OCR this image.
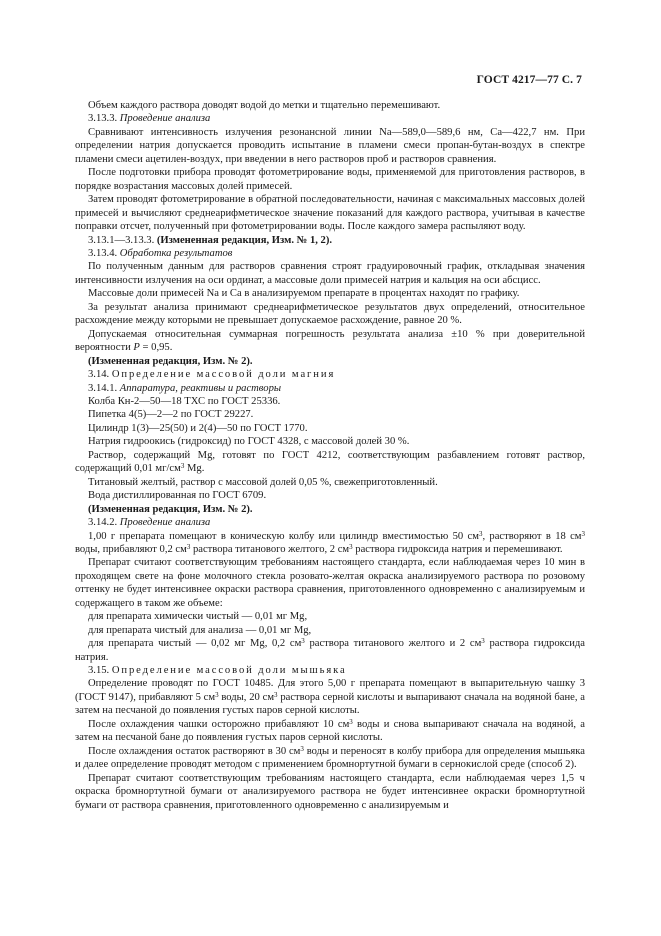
ГОСТ 4217—77 С. 7

Объем каждого раствора доводят водой до метки и тщательно перемешивают.

3.13.3. Проведение анализа

Сравнивают интенсивность излучения резонансной линии Na—589,0—589,6 нм, Са—422,7 нм. При определении натрия допускается проводить испытание в пламени смеси пропан-бутан-воздух в спектре пламени смеси ацетилен-воздух, при введении в него растворов проб и растворов сравнения.

После подготовки прибора проводят фотометрирование воды, применяемой для приготовления растворов, в порядке возрастания массовых долей примесей.

Затем проводят фотометрирование в обратной последовательности, начиная с максимальных массовых долей примесей и вычисляют среднеарифметическое значение показаний для каждого раствора, учитывая в качестве поправки отсчет, полученный при фотометрировании воды. После каждого замера распыляют воду.

3.13.1—3.13.3. (Измененная редакция, Изм. № 1, 2).

3.13.4. Обработка результатов

По полученным данным для растворов сравнения строят градуировочный график, откладывая значения интенсивности излучения на оси ординат, а массовые доли примесей натрия и кальция на оси абсцисс.

Массовые доли примесей Na и Са в анализируемом препарате в процентах находят по графику.

За результат анализа принимают среднеарифметическое результатов двух определений, относительное расхождение между которыми не превышает допускаемое расхождение, равное 20 %.

Допускаемая относительная суммарная погрешность результата анализа ±10 % при доверительной вероятности P = 0,95.

(Измененная редакция, Изм. № 2).

3.14. Определение массовой доли магния

3.14.1. Аппаратура, реактивы и растворы

Колба Кн-2—50—18 ТХС по ГОСТ 25336.

Пипетка 4(5)—2—2 по ГОСТ 29227.

Цилиндр 1(3)—25(50) и 2(4)—50 по ГОСТ 1770.

Натрия гидроокись (гидроксид) по ГОСТ 4328, с массовой долей 30 %.

Раствор, содержащий Mg, готовят по ГОСТ 4212, соответствующим разбавлением готовят раствор, содержащий 0,01 $мг/см^3$ Mg.

Титановый желтый, раствор с массовой долей 0,05 %, свежеприготовленный.

Вода дистиллированная по ГОСТ 6709.

(Измененная редакция, Изм. № 2).

3.14.2. Проведение анализа

1,00 г препарата помещают в коническую колбу или цилиндр вместимостью 50 $см^3$, растворяют в 18 $см^3$ воды, прибавляют 0,2 $см^3$ раствора титанового желтого, 2 $см^3$ раствора гидроксида натрия и перемешивают.

Препарат считают соответствующим требованиям настоящего стандарта, если наблюдаемая через 10 мин в проходящем свете на фоне молочного стекла розовато-желтая окраска анализируемого раствора по розовому оттенку не будет интенсивнее окраски раствора сравнения, приготовленного одновременно с анализируемым и содержащего в таком же объеме:

для препарата химически чистый — 0,01 мг Mg,

для препарата чистый для анализа — 0,01 мг Mg,

для препарата чистый — 0,02 мг Mg, 0,2 $см^3$ раствора титанового желтого и 2 $см^3$ раствора гидроксида натрия.

3.15. Определение массовой доли мышьяка

Определение проводят по ГОСТ 10485. Для этого 5,00 г препарата помещают в выпарительную чашку 3 (ГОСТ 9147), прибавляют 5 $см^3$ воды, 20 $см^3$ раствора серной кислоты и выпаривают сначала на водяной бане, а затем на песчаной до появления густых паров серной кислоты.

После охлаждения чашки осторожно прибавляют 10 $см^3$ воды и снова выпаривают сначала на водяной, а затем на песчаной бане до появления густых паров серной кислоты.

После охлаждения остаток растворяют в 30 $см^3$ воды и переносят в колбу прибора для определения мышьяка и далее определение проводят методом с применением бромнортутной бумаги в сернокислой среде (способ 2).

Препарат считают соответствующим требованиям настоящего стандарта, если наблюдаемая через 1,5 ч окраска бромнортутной бумаги от анализируемого раствора не будет интенсивнее окраски бромнортутной бумаги от раствора сравнения, приготовленного одновременно с анализируемым и
